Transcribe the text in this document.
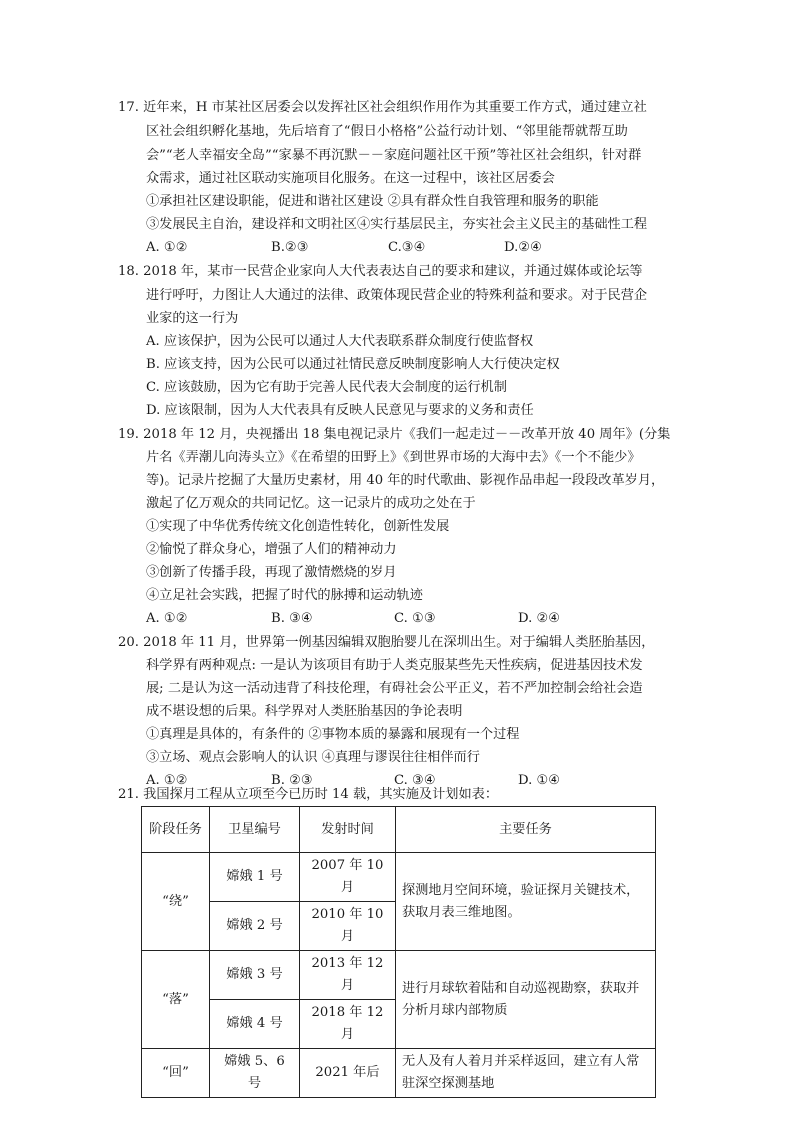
17. 近年来，H 市某社区居委会以发挥社区社会组织作用作为其重要工作方式，通过建立社
区社会组织孵化基地，先后培育了“假日小格格”公益行动计划、“邻里能帮就帮互助
会”“老人幸福安全岛”“家暴不再沉默－－家庭问题社区干预”等社区社会组织，针对群
众需求，通过社区联动实施项目化服务。在这一过程中，该社区居委会
①承担社区建设职能，促进和谐社区建设 ②具有群众性自我管理和服务的职能
③发展民主自治，建设祥和文明社区④实行基层民主，夯实社会主义民主的基础性工程
A. ①②	B.②③	C.③④	D.②④
18. 2018 年，某市一民营企业家向人大代表表达自己的要求和建议，并通过媒体或论坛等
进行呼吁，力图让人大通过的法律、政策体现民营企业的特殊利益和要求。对于民营企
业家的这一行为
A. 应该保护，因为公民可以通过人大代表联系群众制度行使监督权
B. 应该支持，因为公民可以通过社情民意反映制度影响人大行使决定权
C. 应该鼓励，因为它有助于完善人民代表大会制度的运行机制
D. 应该限制，因为人大代表具有反映人民意见与要求的义务和责任
19. 2018 年 12 月，央视播出 18 集电视记录片《我们一起走过－－改革开放 40 周年》(分集
片名《弄潮儿向涛头立》《在希望的田野上》《到世界市场的大海中去》《一个不能少》
等)。记录片挖掘了大量历史素材，用 40 年的时代歌曲、影视作品串起一段段改革岁月，
激起了亿万观众的共同记忆。这一记录片的成功之处在于
①实现了中华优秀传统文化创造性转化，创新性发展
②愉悦了群众身心，增强了人们的精神动力
③创新了传播手段，再现了激情燃烧的岁月
④立足社会实践，把握了时代的脉搏和运动轨迹
A. ①②	B. ③④	C. ①③	D. ②④
20. 2018 年 11 月，世界第一例基因编辑双胞胎婴儿在深圳出生。对于编辑人类胚胎基因，
科学界有两种观点: 一是认为该项目有助于人类克服某些先天性疾病，促进基因技术发
展; 二是认为这一活动违背了科技伦理，有碍社会公平正义，若不严加控制会给社会造
成不堪设想的后果。科学界对人类胚胎基因的争论表明
①真理是具体的，有条件的 ②事物本质的暴露和展现有一个过程
③立场、观点会影响人的认识 ④真理与谬误往往相伴而行
A. ①②	B. ②③	C. ③④	D. ①④
21. 我国探月工程从立项至今已历时 14 载，其实施及计划如表：
阶段任务	卫星编号	发射时间	主要任务
“绕”	嫦娥 1 号	2007 年 10 月	探测地月空间环境，验证探月关键技术，获取月表三维地图。
	嫦娥 2 号	2010 年 10 月	
“落”	嫦娥 3 号	2013 年 12 月	进行月球软着陆和自动巡视勘察，获取并分析月球内部物质
	嫦娥 4 号	2018 年 12 月	
“回”	嫦娥 5、6 号	2021 年后	无人及有人着月并采样返回，建立有人常驻深空探测基地
